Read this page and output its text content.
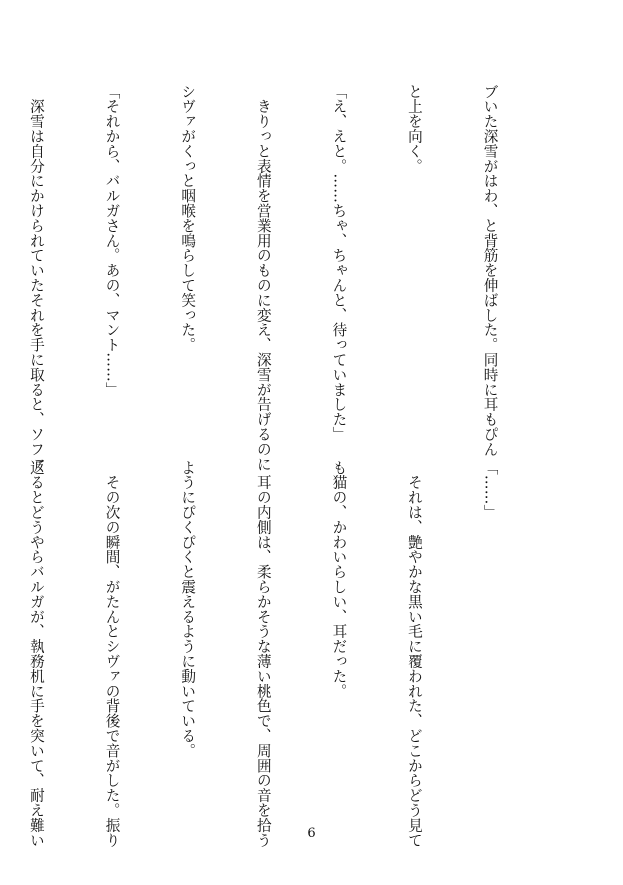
ブいた深雪がはわ、と背筋を伸ばした。同時に耳もぴん

と上を向く。

「え、えと。……ちゃ、ちゃんと、待っていました」

　きりっと表情を営業用のものに変え、深雪が告げるのに

シヴァがくっと咽喉を鳴らして笑った。

「それから、バルガさん。あの、マント……」

　深雪は自分にかけられていたそれを手に取ると、ソファ

「……」

　それは、艶やかな黒い毛に覆われた、どこからどう見て

も猫の、かわいらしい、耳だった。

　耳の内側は、柔らかそうな薄い桃色で、周囲の音を拾う

ようにぴくぴくと震えるように動いている。

　その次の瞬間、がたんとシヴァの背後で音がした。振り

返るとどうやらバルガが、執務机に手を突いて、耐え難い

	6
